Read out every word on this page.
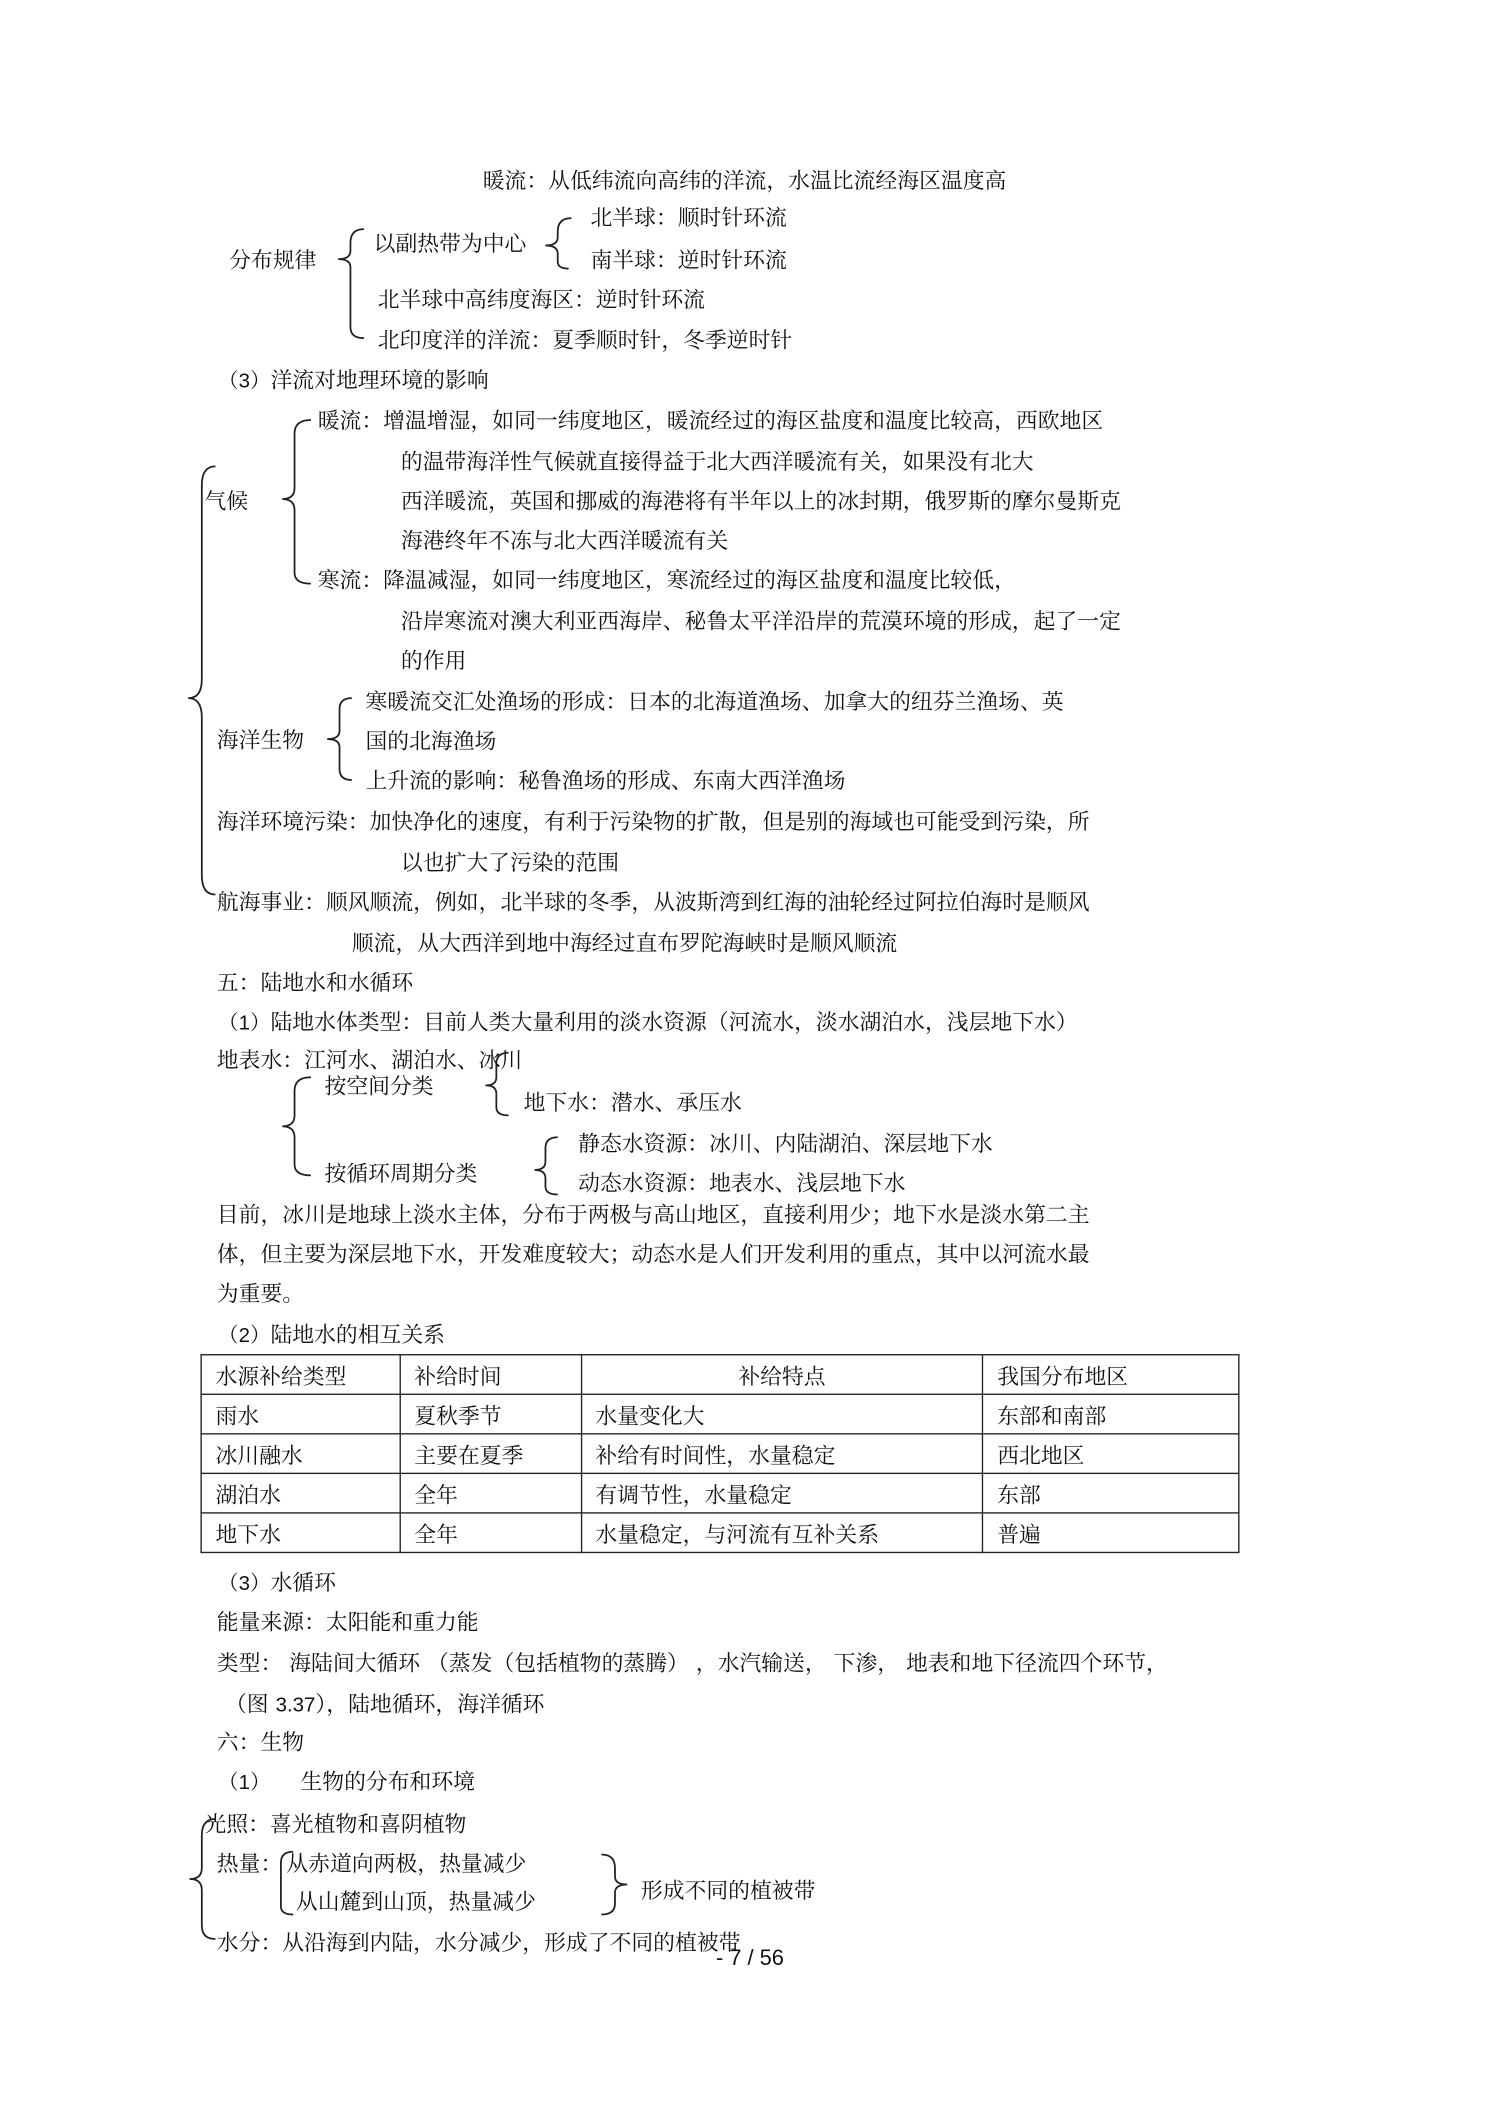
暖流：从低纬流向高纬的洋流，水温比流经海区温度高
分布规律
以副热带为中心
北半球：顺时针环流
南半球：逆时针环流
北半球中高纬度海区：逆时针环流
北印度洋的洋流：夏季顺时针，冬季逆时针
（3）洋流对地理环境的影响
暖流：增温增湿，如同一纬度地区，暖流经过的海区盐度和温度比较高，西欧地区
的温带海洋性气候就直接得益于北大西洋暖流有关，如果没有北大
西洋暖流，英国和挪威的海港将有半年以上的冰封期，俄罗斯的摩尔曼斯克
海港终年不冻与北大西洋暖流有关
气候
寒流：降温减湿，如同一纬度地区，寒流经过的海区盐度和温度比较低，
沿岸寒流对澳大利亚西海岸、秘鲁太平洋沿岸的荒漠环境的形成，起了一定
的作用
海洋生物
寒暖流交汇处渔场的形成：日本的北海道渔场、加拿大的纽芬兰渔场、英
国的北海渔场
上升流的影响：秘鲁渔场的形成、东南大西洋渔场
海洋环境污染：加快净化的速度，有利于污染物的扩散，但是别的海域也可能受到污染，所
以也扩大了污染的范围
航海事业：顺风顺流，例如，北半球的冬季，从波斯湾到红海的油轮经过阿拉伯海时是顺风
顺流，从大西洋到地中海经过直布罗陀海峡时是顺风顺流
五：陆地水和水循环
（1）陆地水体类型：目前人类大量利用的淡水资源（河流水，淡水湖泊水，浅层地下水）
地表水：江河水、湖泊水、冰川
按空间分类
地下水：潜水、承压水
按循环周期分类
静态水资源：冰川、内陆湖泊、深层地下水
动态水资源：地表水、浅层地下水
目前，冰川是地球上淡水主体，分布于两极与高山地区，直接利用少；地下水是淡水第二主
体，但主要为深层地下水，开发难度较大；动态水是人们开发利用的重点，其中以河流水最
为重要。
（2）陆地水的相互关系
水源补给类型	补给时间	补给特点	我国分布地区
雨水	夏秋季节	水量变化大	东部和南部
冰川融水	主要在夏季	补给有时间性，水量稳定	西北地区
湖泊水	全年	有调节性，水量稳定	东部
地下水	全年	水量稳定，与河流有互补关系	普遍
（3）水循环
能量来源：太阳能和重力能
类型： 海陆间大循环 （蒸发（包括植物的蒸腾） ，水汽输送， 下渗， 地表和地下径流四个环节，
（图 3.37），陆地循环，海洋循环
六：生物
（1） 生物的分布和环境
光照：喜光植物和喜阴植物
热量： 从赤道向两极，热量减少
从山麓到山顶，热量减少	形成不同的植被带
水分：从沿海到内陆，水分减少，形成了不同的植被带
- 7 / 56
